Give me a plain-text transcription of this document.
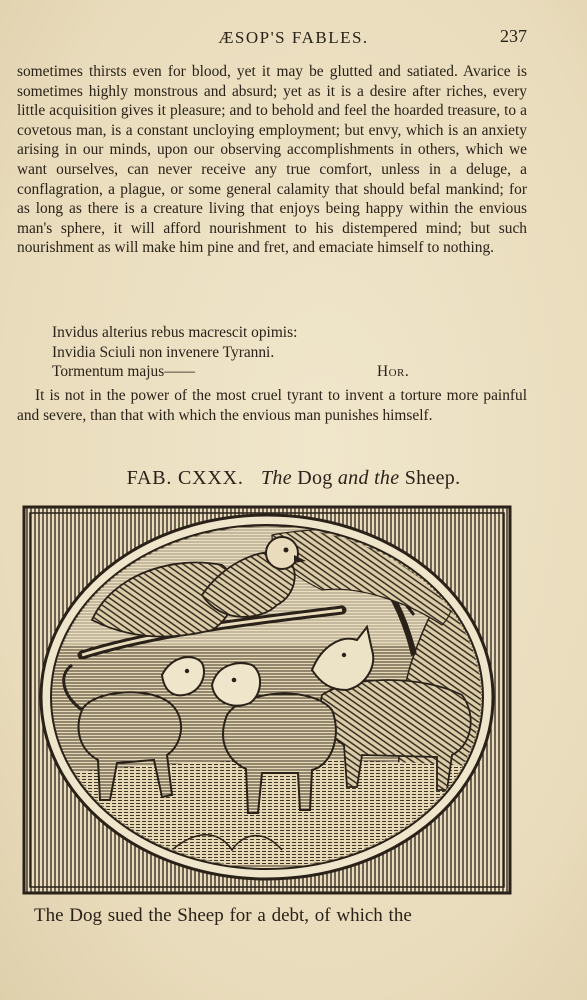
ÆSOP'S FABLES.	237

sometimes thirsts even for blood, yet it may be glutted and satiated. Avarice is sometimes highly monstrous and absurd; yet as it is a desire after riches, every little acquisition gives it pleasure; and to behold and feel the hoarded treasure, to a covetous man, is a constant uncloying employment; but envy, which is an anxiety arising in our minds, upon our observing accomplishments in others, which we want ourselves, can never receive any true comfort, unless in a deluge, a conflagration, a plague, or some general calamity that should befal mankind; for as long as there is a creature living that enjoys being happy within the envious man's sphere, it will afford nourishment to his distempered mind; but such nourishment as will make him pine and fret, and emaciate himself to nothing.

Invidus alterius rebus macrescit opimis:
Invidia Sciuli non invenere Tyranni.
Tormentum majus——	Hor.
It is not in the power of the most cruel tyrant to invent a torture more painful and severe, than that with which the envious man punishes himself.
FAB. CXXX. The Dog and the Sheep.
The Dog sued the Sheep for a debt, of which the
